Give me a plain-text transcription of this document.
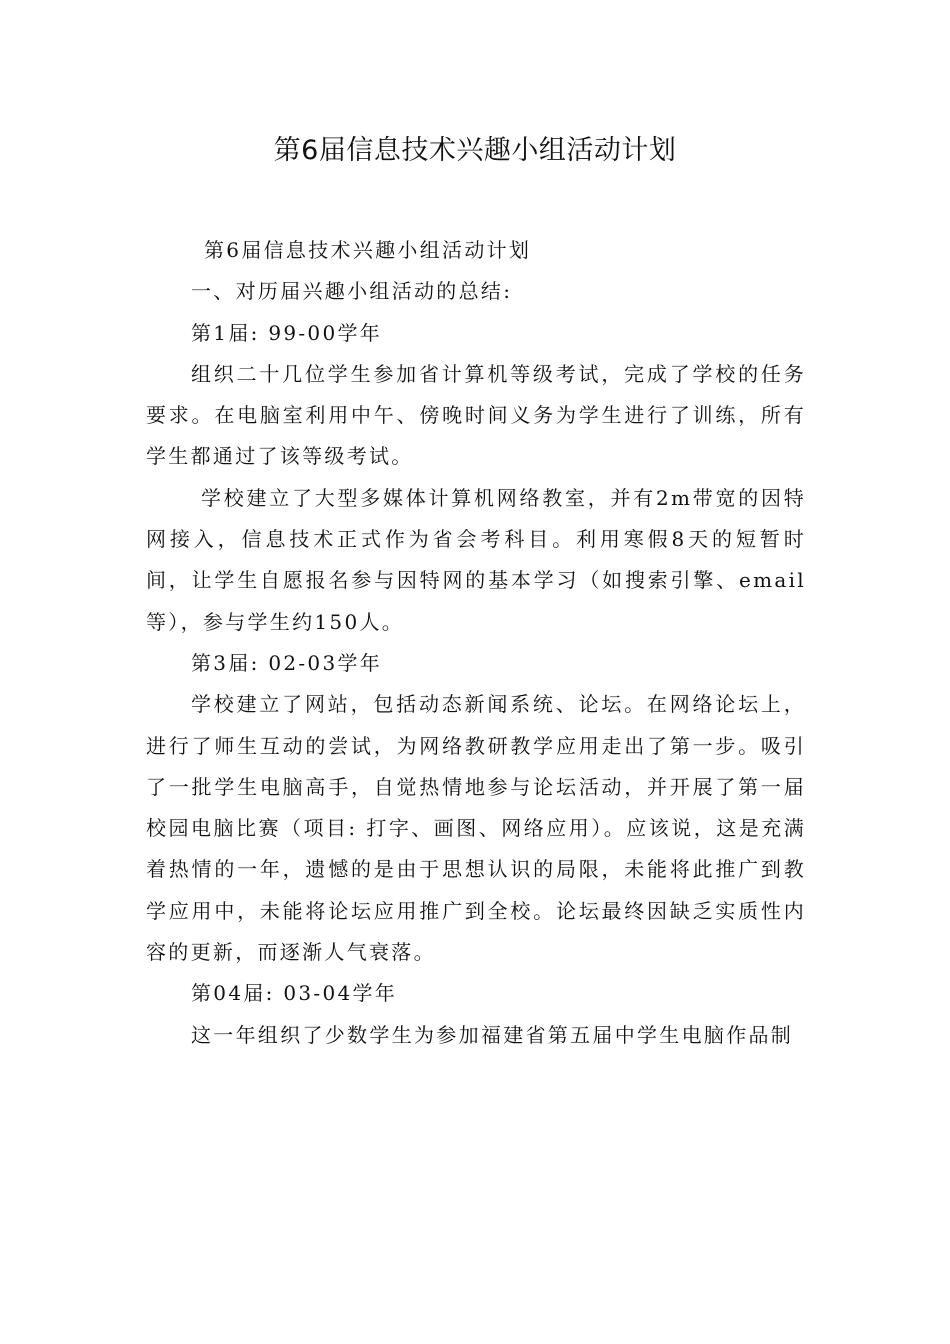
第6届信息技术兴趣小组活动计划

第6届信息技术兴趣小组活动计划

一、对历届兴趣小组活动的总结:

第1届: 99-00学年

组织二十几位学生参加省计算机等级考试，完成了学校的任务要求。在电脑室利用中午、傍晚时间义务为学生进行了训练，所有学生都通过了该等级考试。

学校建立了大型多媒体计算机网络教室，并有2m带宽的因特网接入，信息技术正式作为省会考科目。利用寒假8天的短暂时间，让学生自愿报名参与因特网的基本学习（如搜索引擎、email等），参与学生约150人。

第3届: 02-03学年

学校建立了网站，包括动态新闻系统、论坛。在网络论坛上，进行了师生互动的尝试，为网络教研教学应用走出了第一步。吸引了一批学生电脑高手，自觉热情地参与论坛活动，并开展了第一届校园电脑比赛（项目: 打字、画图、网络应用）。应该说，这是充满着热情的一年，遗憾的是由于思想认识的局限，未能将此推广到教学应用中，未能将论坛应用推广到全校。论坛最终因缺乏实质性内容的更新，而逐渐人气衰落。

第04届: 03-04学年

这一年组织了少数学生为参加福建省第五届中学生电脑作品制
